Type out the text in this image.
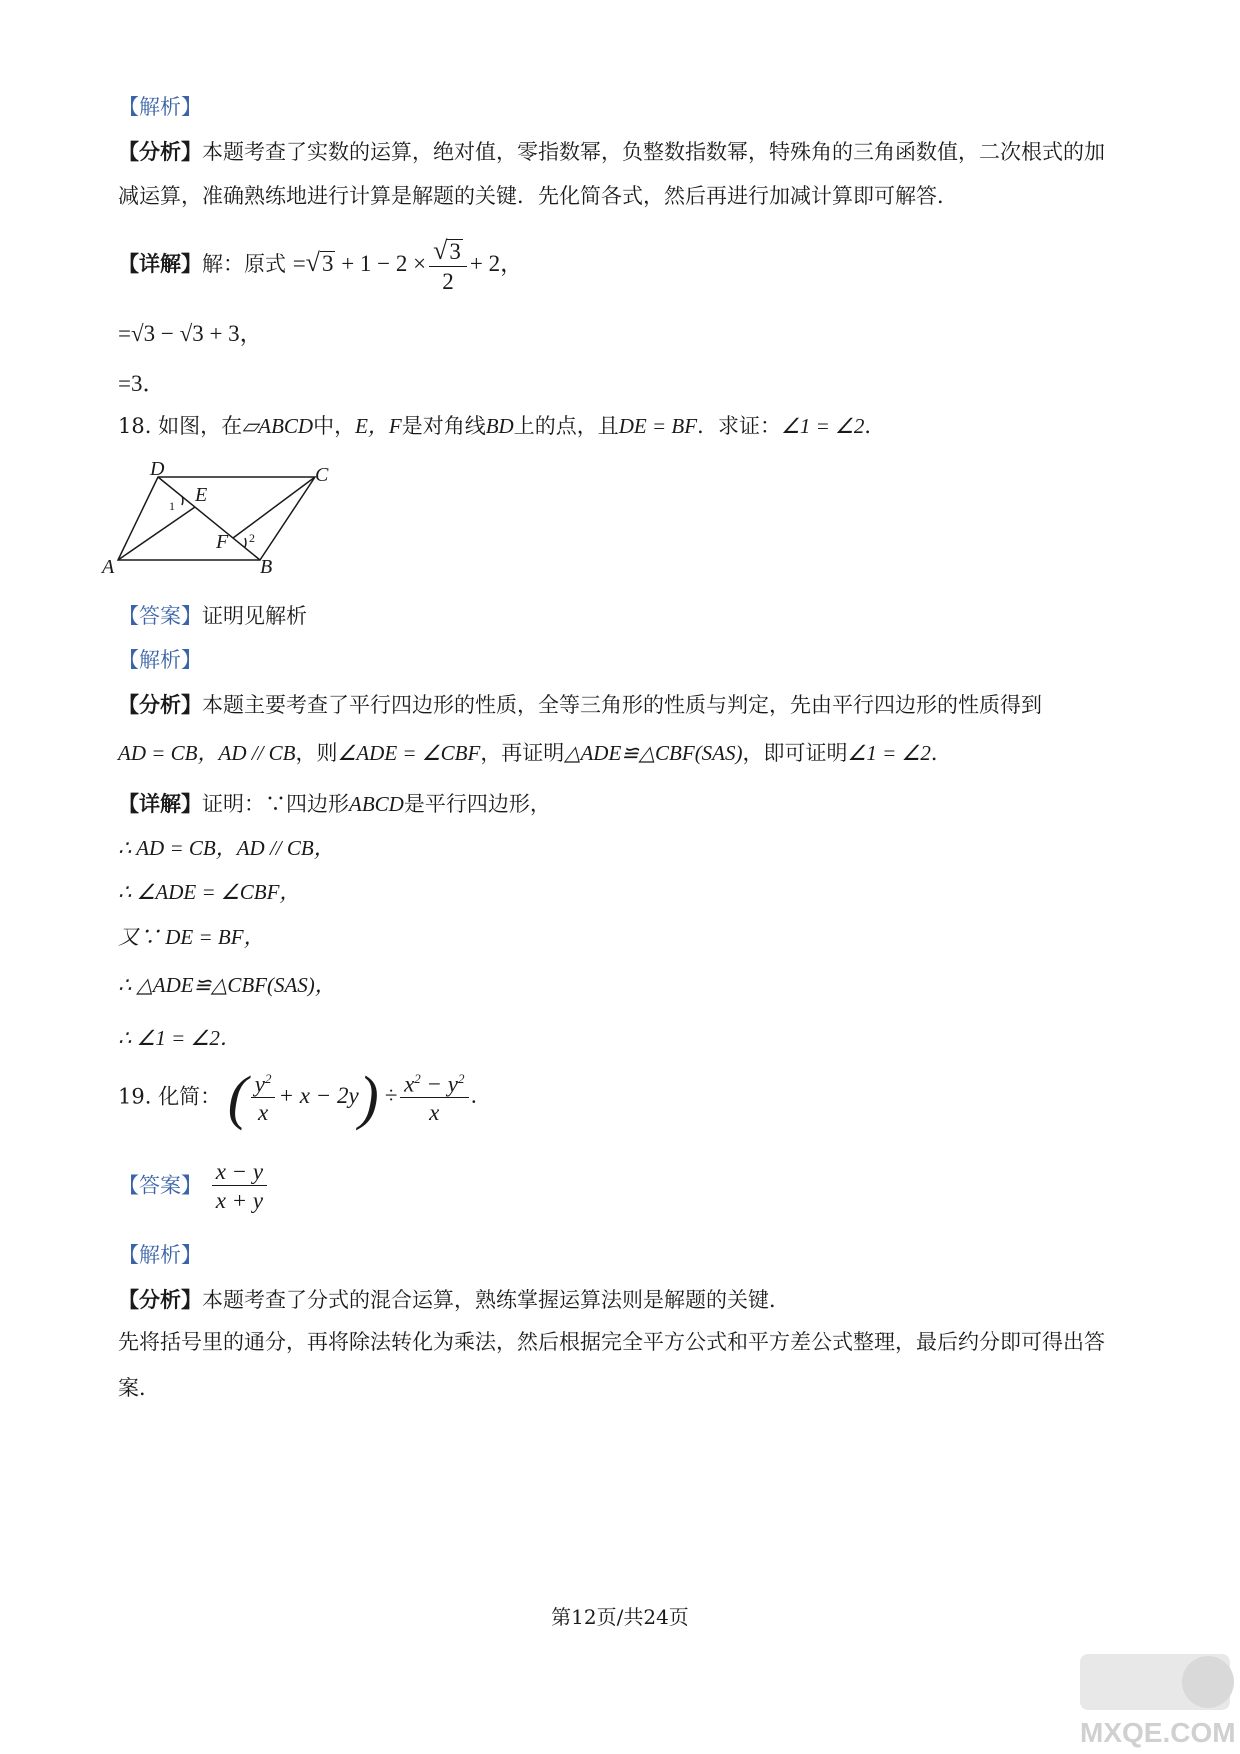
【解析】
【分析】本题考查了实数的运算，绝对值，零指数幂，负整数指数幂，特殊角的三角函数值，二次根式的加
减运算，准确熟练地进行计算是解题的关键．先化简各式，然后再进行加减计算即可解答．
【详解】解：原式 $=√3 + 1 - 2 \times \frac{√3}{2} + 2$，
=√3 − √3 + 3，
=3．
18. 如图，在▱ABCD中，E，F是对角线BD上的点，且DE = BF．求证：∠1 = ∠2．
D	C
E
F
A	B
1
2
【答案】证明见解析
【解析】
【分析】本题主要考查了平行四边形的性质，全等三角形的性质与判定，先由平行四边形的性质得到
AD = CB，AD // CB，则∠ADE = ∠CBF，再证明△ADE≌△CBF(SAS)，即可证明∠1 = ∠2．
【详解】证明：∵四边形ABCD是平行四边形，
∴ AD = CB，AD // CB，
∴ ∠ADE = ∠CBF，
又∵ DE = BF，
∴ △ADE≌△CBF(SAS)，
∴ ∠1 = ∠2．
19. 化简： ( $\frac{y^2}{x} + x - 2y) \div \frac{x^2 - y^2}{x}$ .
【答案】 $\frac{x - y}{x + y}$
【解析】
【分析】本题考查了分式的混合运算，熟练掌握运算法则是解题的关键．
先将括号里的通分，再将除法转化为乘法，然后根据完全平方公式和平方差公式整理，最后约分即可得出答
案．
第12页/共24页
MXQE.COM
